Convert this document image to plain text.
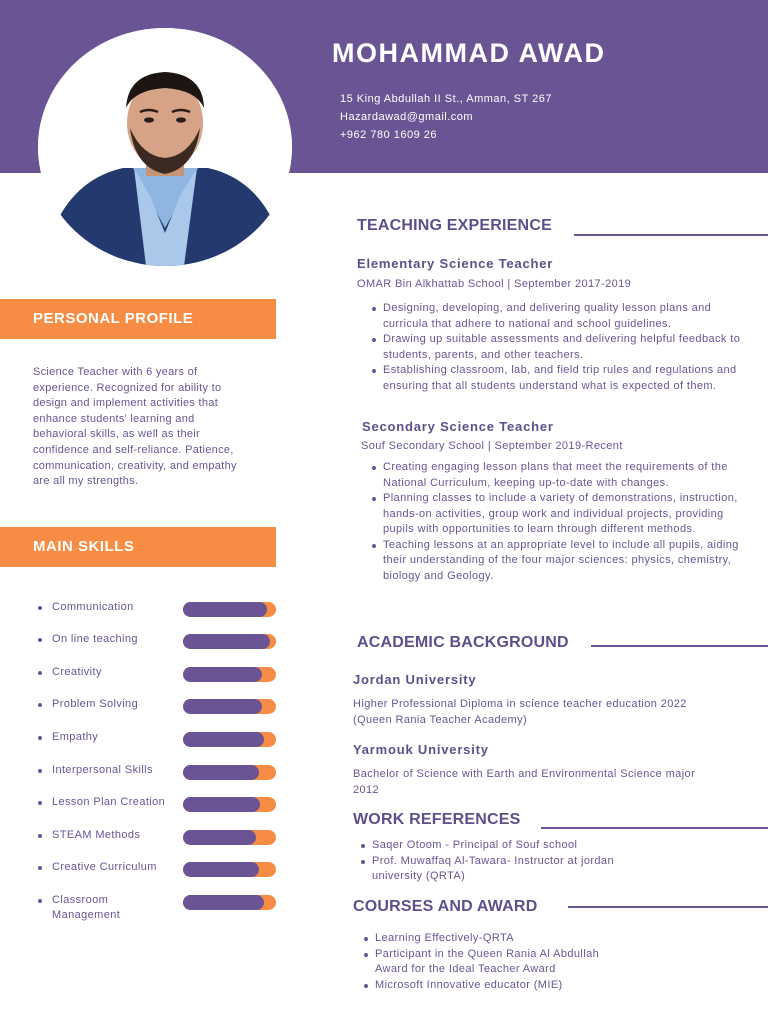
MOHAMMAD AWAD
15 King Abdullah II St., Amman, ST 267
Hazardawad@gmail.com
+962 780 1609 26
PERSONAL PROFILE
Science Teacher with 6 years of experience. Recognized for ability to design and implement activities that enhance students' learning and behavioral skills, as well as their confidence and self-reliance. Patience, communication, creativity, and empathy are all my strengths.
MAIN SKILLS
Communication
On line teaching
Creativity
Problem Solving
Empathy
Interpersonal Skills
Lesson Plan Creation
STEAM Methods
Creative Curriculum
Classroom
Management
TEACHING EXPERIENCE
Elementary Science Teacher
OMAR Bin Alkhattab School | September 2017-2019
Designing, developing, and delivering quality lesson plans and curricula that adhere to national and school guidelines.
Drawing up suitable assessments and delivering helpful feedback to students, parents, and other teachers.
Establishing classroom, lab, and field trip rules and regulations and ensuring that all students understand what is expected of them.
Secondary Science Teacher
Souf Secondary School | September 2019-Recent
Creating engaging lesson plans that meet the requirements of the National Curriculum, keeping up-to-date with changes.
Planning classes to include a variety of demonstrations, instruction, hands-on activities, group work and individual projects, providing pupils with opportunities to learn through different methods.
Teaching lessons at an appropriate level to include all pupils, aiding their understanding of the four major sciences: physics, chemistry, biology and Geology.
ACADEMIC BACKGROUND
Jordan University
Higher Professional Diploma in science teacher education 2022 (Queen Rania Teacher Academy)
Yarmouk University
Bachelor of Science with Earth and Environmental Science major 2012
WORK REFERENCES
Saqer Otoom - Principal of Souf school
Prof. Muwaffaq Al-Tawara- Instructor at jordan university (QRTA)
COURSES AND AWARD
Learning Effectively-QRTA
Participant in the Queen Rania Al Abdullah Award for the Ideal Teacher Award
Microsoft Innovative educator (MIE)
